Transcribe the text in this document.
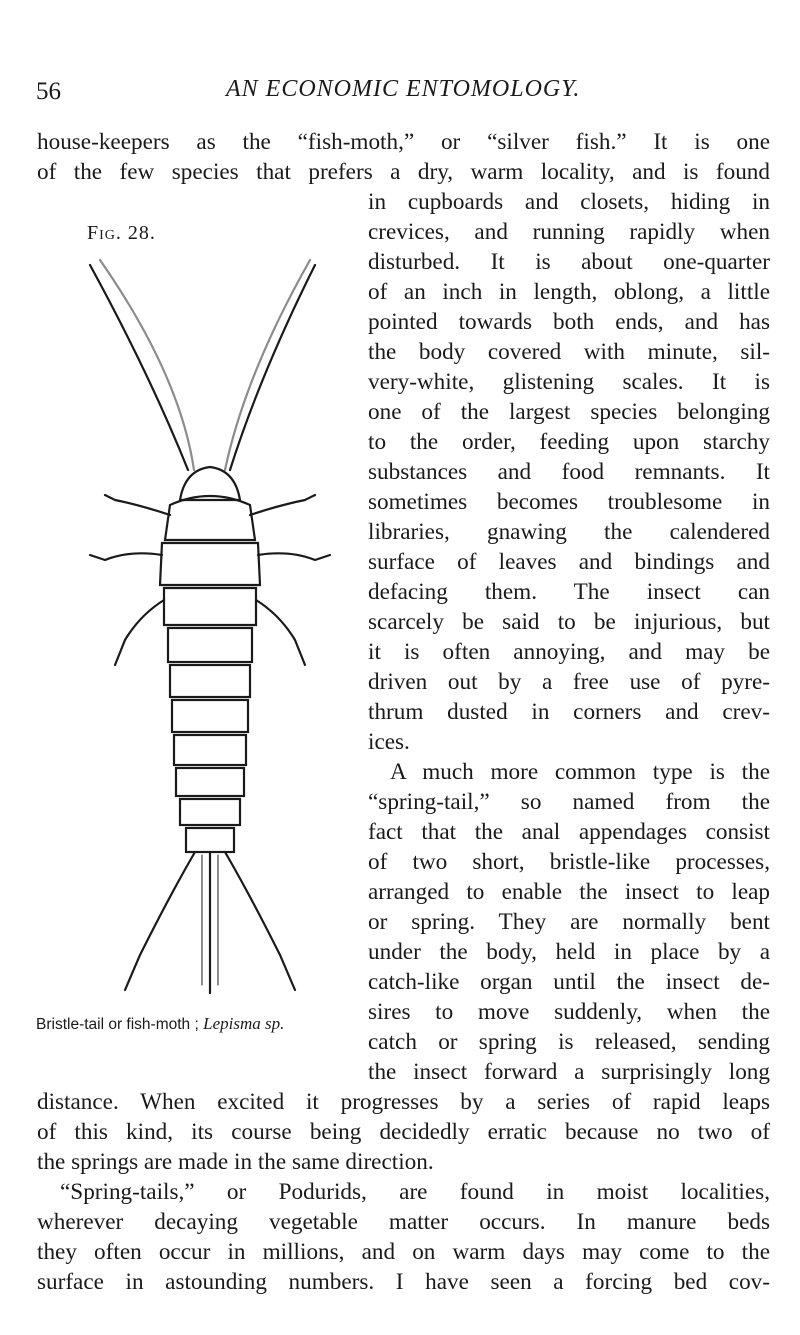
56	AN ECONOMIC ENTOMOLOGY.
house-keepers as the “fish-moth,” or “silver fish.” It is one
of the few species that prefers a dry, warm locality, and is found
in cupboards and closets, hiding in
crevices, and running rapidly when
disturbed. It is about one-quarter
of an inch in length, oblong, a little
pointed towards both ends, and has
the body covered with minute, sil-
very-white, glistening scales. It is
one of the largest species belonging
to the order, feeding upon starchy
substances and food remnants. It
sometimes becomes troublesome in
libraries, gnawing the calendered
surface of leaves and bindings and
defacing them. The insect can
scarcely be said to be injurious, but
it is often annoying, and may be
driven out by a free use of pyre-
thrum dusted in corners and crev-
ices.
A much more common type is the
“spring-tail,” so named from the
fact that the anal appendages consist
of two short, bristle-like processes,
arranged to enable the insect to leap
or spring. They are normally bent
under the body, held in place by a
catch-like organ until the insect de-
sires to move suddenly, when the
catch or spring is released, sending
the insect forward a surprisingly long
distance. When excited it progresses by a series of rapid leaps
of this kind, its course being decidedly erratic because no two of
the springs are made in the same direction.
“Spring-tails,” or Podurids, are found in moist localities,
wherever decaying vegetable matter occurs. In manure beds
they often occur in millions, and on warm days may come to the
surface in astounding numbers. I have seen a forcing bed cov-
Fig. 28.
Bristle-tail or fish-moth ; Lepisma sp.
